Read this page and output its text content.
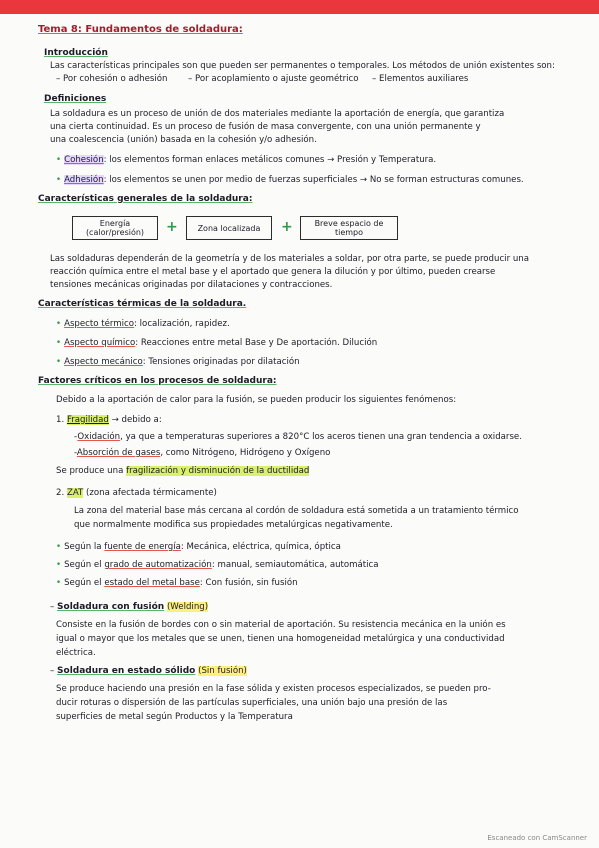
Tema 8: Fundamentos de soldadura:
Introducción
Las características principales son que pueden ser permanentes o temporales. Los métodos de unión existentes son:
– Por cohesión o adhesión – Por acoplamiento o ajuste geométrico – Elementos auxiliares
Definiciones
La soldadura es un proceso de unión de dos materiales mediante la aportación de energía, que garantiza
una cierta continuidad. Es un proceso de fusión de masa convergente, con una unión permanente y
una coalescencia (unión) basada en la cohesión y/o adhesión.
• Cohesión: los elementos forman enlaces metálicos comunes → Presión y Temperatura.
• Adhesión: los elementos se unen por medio de fuerzas superficiales → No se forman estructuras comunes.
Características generales de la soldadura:
Energía (calor/presión)	+	Zona localizada	+	Breve espacio de tiempo
Las soldaduras dependerán de la geometría y de los materiales a soldar, por otra parte, se puede producir una
reacción química entre el metal base y el aportado que genera la dilución y por último, pueden crearse
tensiones mecánicas originadas por dilataciones y contracciones.
Características térmicas de la soldadura.
• Aspecto térmico: localización, rapidez.
• Aspecto químico: Reacciones entre metal Base y De aportación. Dilución
• Aspecto mecánico: Tensiones originadas por dilatación
Factores críticos en los procesos de soldadura:
Debido a la aportación de calor para la fusión, se pueden producir los siguientes fenómenos:
1. Fragilidad → debido a:
-Oxidación, ya que a temperaturas superiores a 820°C los aceros tienen una gran tendencia a oxidarse.
-Absorción de gases, como Nitrógeno, Hidrógeno y Oxígeno
Se produce una fragilización y disminución de la ductilidad
2. ZAT (zona afectada térmicamente)
La zona del material base más cercana al cordón de soldadura está sometida a un tratamiento térmico
que normalmente modifica sus propiedades metalúrgicas negativamente.
• Según la fuente de energía: Mecánica, eléctrica, química, óptica
• Según el grado de automatización: manual, semiautomática, automática
• Según el estado del metal base: Con fusión, sin fusión
– Soldadura con fusión (Welding)
Consiste en la fusión de bordes con o sin material de aportación. Su resistencia mecánica en la unión es
igual o mayor que los metales que se unen, tienen una homogeneidad metalúrgica y una conductividad
eléctrica.
– Soldadura en estado sólido (Sin fusión)
Se produce haciendo una presión en la fase sólida y existen procesos especializados, se pueden pro-
ducir roturas o dispersión de las partículas superficiales, una unión bajo una presión de las
superficies de metal según Productos y la Temperatura
Escaneado con CamScanner
